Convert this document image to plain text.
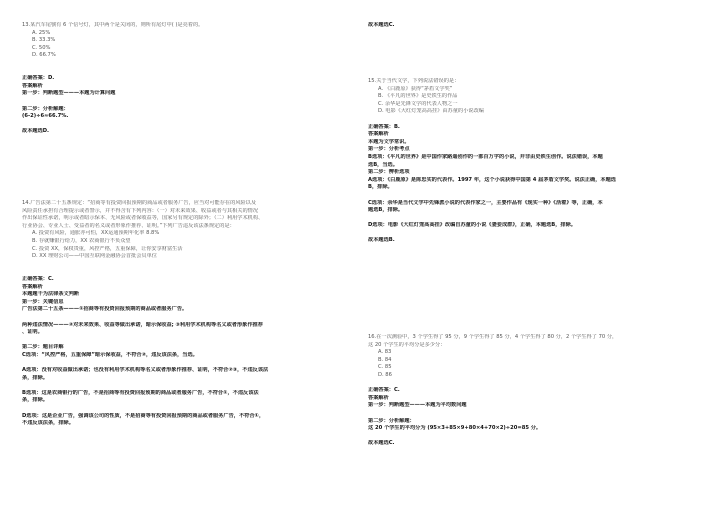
13.某汽车尾號有 6 个信号灯，其中两个是关闭的，则所有尾灯中( )是亮着的。
A. 25%
B. 33.3%
C. 50%
D. 66.7%
正确答案：D.
答案解析
第一步：判断题型———本题为计算问题
第二步：分析解题：
(6-2)÷6≈66.7%.
故本题选D.
14.广告法第二十五条规定：“招商等有投资回报预期的商品或者服务广告，应当对可能存在的风险以及
风险责任承担有合理提示或者警示，并不得含有下列内容：（一）对未来效果、收益或者与其相关的情况
作出保证性承诺，明示或者暗示保本、无风险或者保收益等，国家另有规定的除外；（二）利用学术机构、
行业协会、专业人士、受益者的名义或者形象作推荐、证明。”下列广告违反该法条规定的是：
A. 投资有风险，通胀亦可怕，XX运通预期年化率 8.8%
B. 存就赚银行给力，XX 农商银行不负众望
C. 投资 XX，保权贵重，风控严格，五重保障，让你安享财富生活
D. XX 理财公司——中国互联网金融协会首批会员单位
正确答案：C.
答案解析
本题题干为法律条文判断
第一步：关键信息
广告法第二十五条———①招商等有投资回报预期的商品或者服务广告。
两种违法情况———②对未来效果、收益等做出承诺，暗示保收益; ③利用学术机构等名义或者形象作推荐
、证明。
第二步：题目详解
C选项：“风控严格，五重保障”暗示保收益，不符合②，违反该法条，当选。
A选项：没有对收益做出承诺；也没有利用学术机构等名义或者形象作推荐、证明，不符合②③，不违反该法
条，排除。
B选项：这是农商银行的广告，不是招商等有投资回报预期的商品或者服务广告，不符合①，不违反该法
条，排除。
D选项：这是企业广告，强调该公司的性质，不是招商等有投资回报预期的商品或者服务广告，不符合①，
不违反该法条，排除。
故本题选C.
15.关于当代文学，下列说法错误的是：
A. 《白鹿原》获得“茅盾文学奖”
B. 《平凡的世界》是史铁生的作品
C. 余华是先锋文学的代表人物之一
D. 电影《大红灯笼高高挂》由苏童的小说改编
正确答案：B.
答案解析
本题为文学常识。
第一步：分析考点
B选项：《平凡的世界》是中国作家路遥创作的一部百万字的小说，并非由史铁生创作。说法错误，本题
选B，当选。
第二步：辨析选项
A选项：《白鹿原》是陈忠实的代表作。1997 年，这个小说获得中国第 4 届茅盾文学奖。说法正确，本题选
B，排除。
C选项：余华是当代文学中先锋派小说的代表作家之一，主要作品有《现实一种》《活着》等，正确，本
题选B，排除。
D选项：电影《大红灯笼高高挂》改编自苏童的小说《妻妾成群》，正确，本题选B，排除。
故本题选B.
16.在一次测验中，3 个学生得了 95 分，9 个学生得了 85 分，4 个学生得了 80 分，2 个学生得了 70 分，
这 20 个学生的平均分是多少分：
A. 83
B. 84
C. 85
D. 86
正确答案：C.
答案解析
第一步：判断题型———本题为平均数问题
第二步：分析解题：
这 20 个学生的平均分为 (95×3+85×9+80×4+70×2)÷20=85 分。
故本题选C.
